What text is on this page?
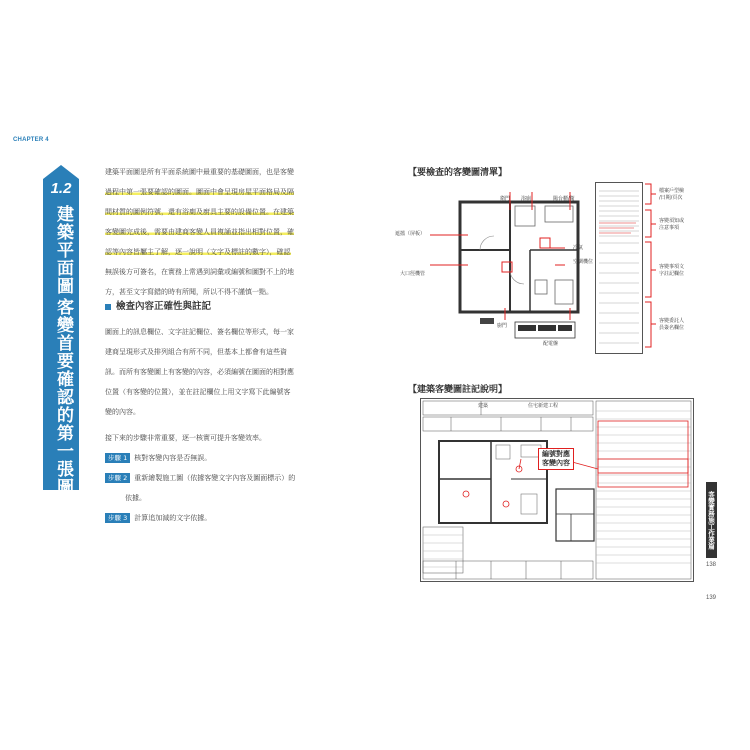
CHAPTER 4
1.2
建築平面圖
客變首要確認的第一張圖
建築平面圖是所有平面系統圖中最重要的基礎圖面，也是客變
過程中第一張要確認的圖面。圖面中會呈現房屋平面格局及隔
間材質的圖例符號，還有浴廁及廚具主要的設備位置。在建築
客變圖完成後，需要由建商客變人員複誦並指出相對位置，確
認等內容皆屬主了解，逐一說明（文字及標註的數字），確認
無誤後方可簽名，在實務上常遇到詞彙或編號和圖對不上的地
方，甚至文字寫錯的時有所聞，所以不得不謹慎一點。
檢查內容正確性與註記
圖面上的訊息欄位、文字註記欄位、簽名欄位等形式，每一家
建商呈現形式及排列組合有所不同，但基本上都會有這些資
訊。而所有客變圖上有客變的內容，必須編號在圖面的相對應
位置（有客變的位置），並在註記欄位上用文字寫下此編號客
變的內容。
接下來的步驟非常重要，逐一核實可提升客變效率。
步驟 1 核對客變內容是否無誤。
步驟 2 重新繪製施工圖（依據客變文字內容及圖面標示）的
依據。
步驟 3 計算追加減的文字依據。
【要檢查的客變圖清單】
遮擋（屏板）
大口徑機管
衛門 浴廁	陽台櫃/衛
冷氣
空調機位
廚門
配電盤
檔案戶型檢
/日期/頁次
客變須知或
注意事項
客變事項文
字註記欄位
客變委託人
員簽名欄位
【建築客變圖註記說明】
建築	住宅新建工程
編號對應
客變內容
客變實務施工作業篇
138
139
